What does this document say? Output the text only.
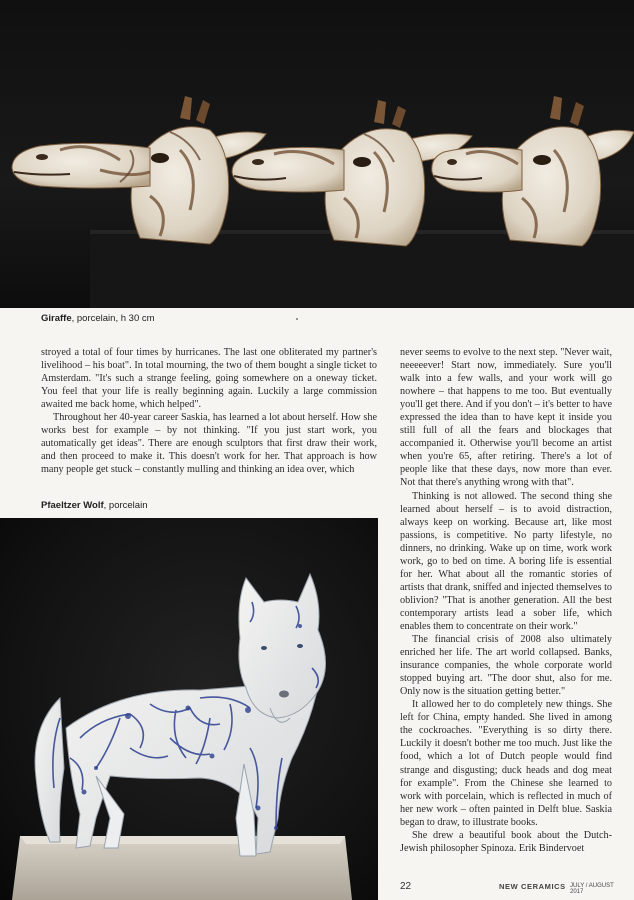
Giraffe, porcelain, h 30 cm

stroyed a total of four times by hurricanes. The last one obliterated my partner's livelihood – his boat". In total mourning, the two of them bought a single ticket to Amsterdam. "It's such a strange feeling, going somewhere on a oneway ticket. You feel that your life is really beginning again. Luckily a large commission awaited me back home, which helped".

Throughout her 40-year career Saskia, has learned a lot about herself. How she works best for example – by not thinking. "If you just start work, you automatically get ideas". There are enough sculptors that first draw their work, and then proceed to make it. This doesn't work for her. That approach is how many people get stuck – constantly mulling and thinking an idea over, which

Pfaeltzer Wolf, porcelain

never seems to evolve to the next step. "Never wait, neeeeever! Start now, immediately. Sure you'll walk into a few walls, and your work will go nowhere – that happens to me too. But eventually you'll get there. And if you don't – it's better to have expressed the idea than to have kept it inside you still full of all the fears and blockages that accompanied it. Otherwise you'll become an artist when you're 65, after retiring. There's a lot of people like that these days, now more than ever. Not that there's anything wrong with that".

Thinking is not allowed. The second thing she learned about herself – is to avoid distraction, always keep on working. Because art, like most passions, is competitive. No party lifestyle, no dinners, no drinking. Wake up on time, work work work, go to bed on time. A boring life is essential for her. What about all the romantic stories of artists that drank, sniffed and injected themselves to oblivion? "That is another generation. All the best contemporary artists lead a sober life, which enables them to concentrate on their work."

The financial crisis of 2008 also ultimately enriched her life. The art world collapsed. Banks, insurance companies, the whole corporate world stopped buying art. "The door shut, also for me. Only now is the situation getting better."

It allowed her to do completely new things. She left for China, empty handed. She lived in among the cockroaches. "Everything is so dirty there. Luckily it doesn't bother me too much. Just like the food, which a lot of Dutch people would find strange and disgusting; duck heads and dog meat for example". From the Chinese she learned to work with porcelain, which is reflected in much of her new work – often painted in Delft blue. Saskia began to draw, to illustrate books.

She drew a beautiful book about the Dutch-Jewish philosopher Spinoza. Erik Bindervoet

22	NEW CERAMICS JULY / AUGUST 2017
